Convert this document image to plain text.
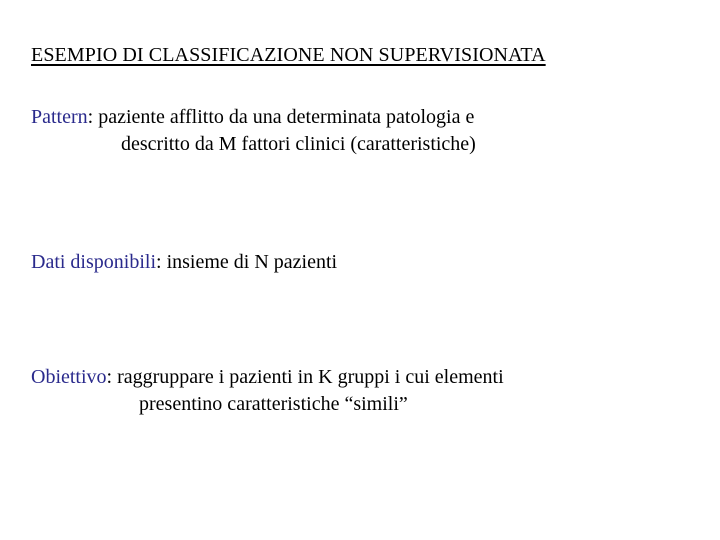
ESEMPIO DI CLASSIFICAZIONE NON SUPERVISIONATA
Pattern: paziente afflitto da una determinata patologia e
descritto da M fattori clinici (caratteristiche)
Dati disponibili: insieme di N pazienti
Obiettivo: raggruppare i pazienti in K gruppi i cui elementi
presentino caratteristiche “simili”
